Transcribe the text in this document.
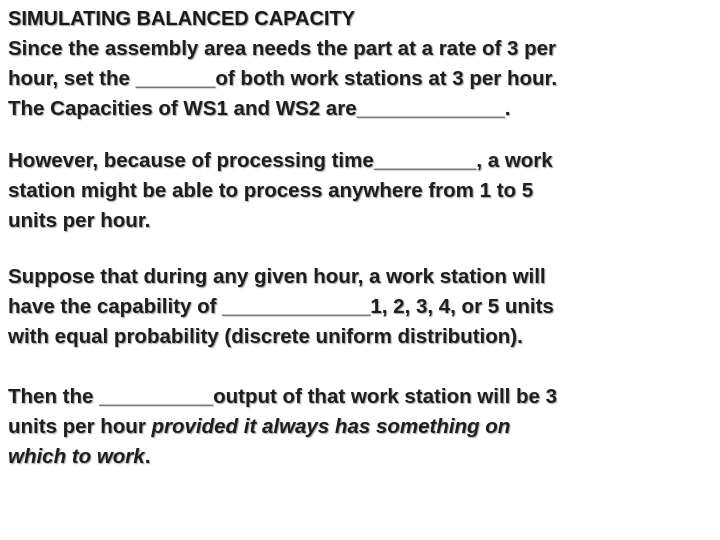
SIMULATING BALANCED CAPACITY
Since the assembly area needs the part at a rate of 3 per
hour, set the _______of both work stations at 3 per hour.
The Capacities of WS1 and WS2 are_____________.
However, because of processing time_________, a work
station might be able to process anywhere from 1 to 5
units per hour.
Suppose that during any given hour, a work station will
have the capability of _____________1, 2, 3, 4, or 5 units
with equal probability (discrete uniform distribution).
Then the __________output of that work station will be 3
units per hour provided it always has something on
which to work.
